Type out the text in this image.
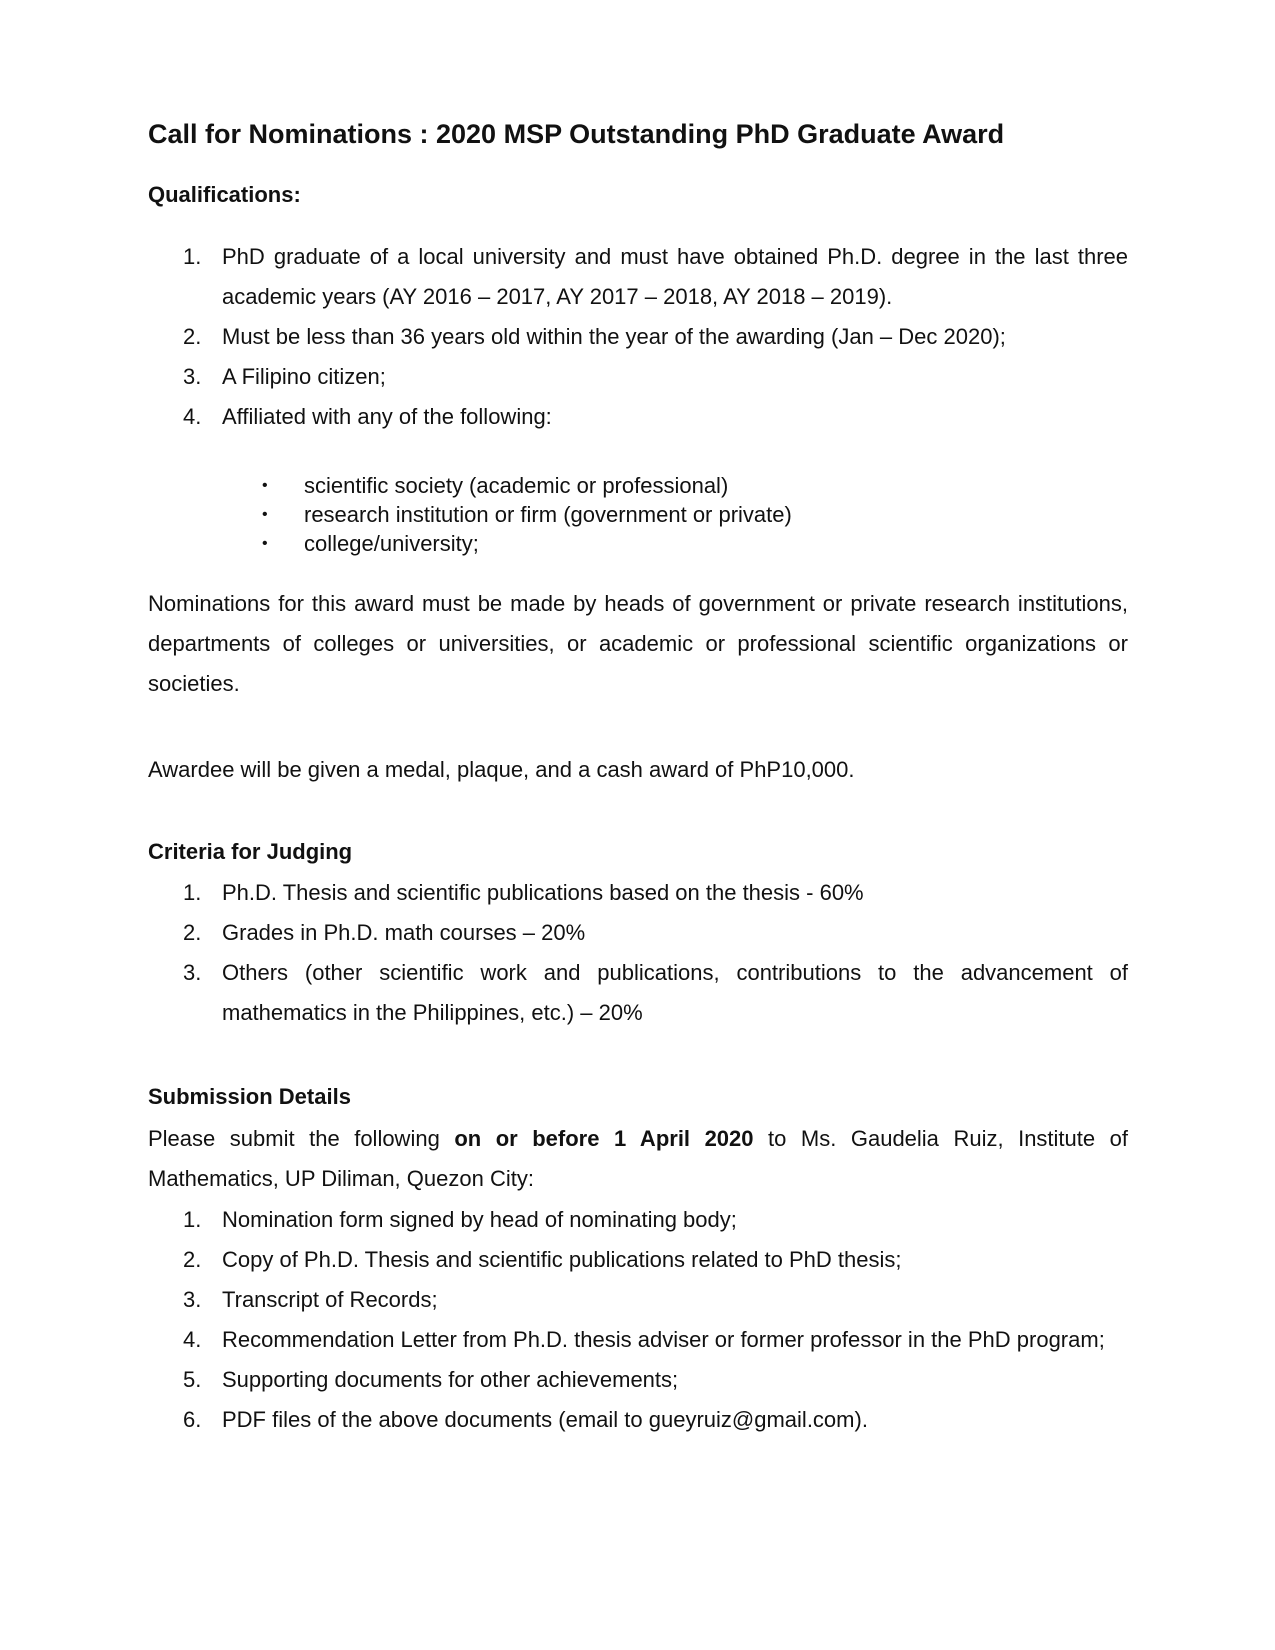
Call for Nominations : 2020 MSP Outstanding PhD Graduate Award
Qualifications:
1. PhD graduate of a local university and must have obtained Ph.D. degree in the last three academic years (AY 2016 – 2017, AY 2017 – 2018, AY 2018 – 2019).
2. Must be less than 36 years old within the year of the awarding (Jan – Dec 2020);
3. A Filipino citizen;
4. Affiliated with any of the following:
• scientific society (academic or professional)
• research institution or firm (government or private)
• college/university;
Nominations for this award must be made by heads of government or private research institutions, departments of colleges or universities, or academic or professional scientific organizations or societies.
Awardee will be given a medal, plaque, and a cash award of PhP10,000.
Criteria for Judging
1. Ph.D. Thesis and scientific publications based on the thesis - 60%
2. Grades in Ph.D. math courses – 20%
3. Others (other scientific work and publications, contributions to the advancement of mathematics in the Philippines, etc.) – 20%
Submission Details
Please submit the following on or before 1 April 2020 to Ms. Gaudelia Ruiz, Institute of Mathematics, UP Diliman, Quezon City:
1. Nomination form signed by head of nominating body;
2. Copy of Ph.D. Thesis and scientific publications related to PhD thesis;
3. Transcript of Records;
4. Recommendation Letter from Ph.D. thesis adviser or former professor in the PhD program;
5. Supporting documents for other achievements;
6. PDF files of the above documents (email to gueyruiz@gmail.com).
